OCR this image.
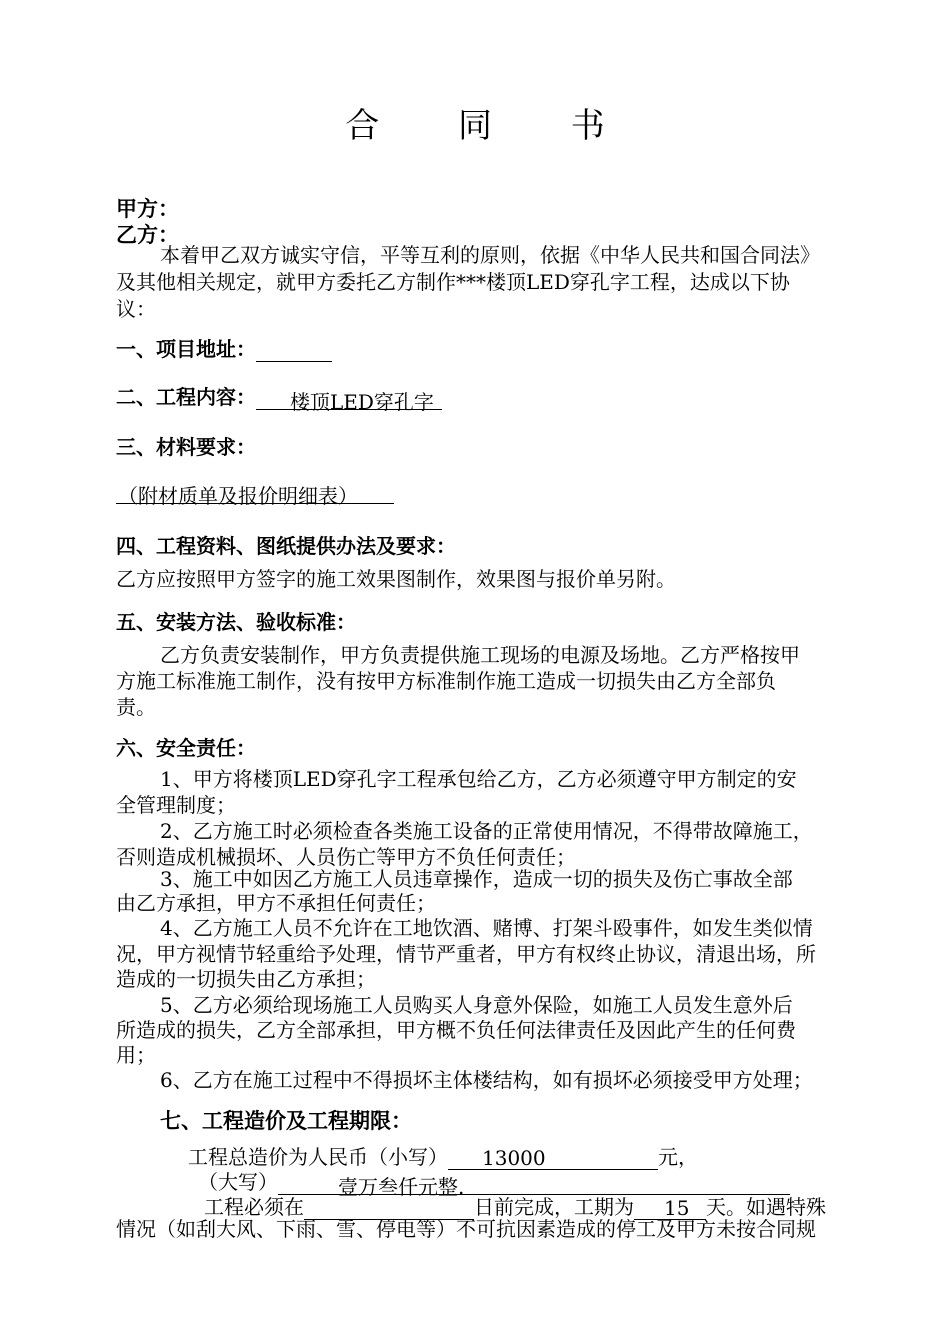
合 同 书
甲方：
乙方：
本着甲乙双方诚实守信，平等互利的原则，依据《中华人民共和国合同法》
及其他相关规定，就甲方委托乙方制作***楼顶LED穿孔字工程，达成以下协
议：
一、项目地址：
二、工程内容： 楼顶LED穿孔字
三、材料要求：
（附材质单及报价明细表）
四、工程资料、图纸提供办法及要求：
乙方应按照甲方签字的施工效果图制作，效果图与报价单另附。
五、安装方法、验收标准：
乙方负责安装制作，甲方负责提供施工现场的电源及场地。乙方严格按甲
方施工标准施工制作，没有按甲方标准制作施工造成一切损失由乙方全部负
责。
六、安全责任：
1、甲方将楼顶LED穿孔字工程承包给乙方，乙方必须遵守甲方制定的安
全管理制度；
2、乙方施工时必须检查各类施工设备的正常使用情况，不得带故障施工，
否则造成机械损坏、人员伤亡等甲方不负任何责任；
3、施工中如因乙方施工人员违章操作，造成一切的损失及伤亡事故全部
由乙方承担，甲方不承担任何责任；
4、乙方施工人员不允许在工地饮酒、赌博、打架斗殴事件，如发生类似情
况，甲方视情节轻重给予处理，情节严重者，甲方有权终止协议，清退出场，所
造成的一切损失由乙方承担；
5、乙方必须给现场施工人员购买人身意外保险，如施工人员发生意外后
所造成的损失，乙方全部承担，甲方概不负任何法律责任及因此产生的任何费
用；
6、乙方在施工过程中不得损坏主体楼结构，如有损坏必须接受甲方处理；
七、工程造价及工程期限：
工程总造价为人民币（小写） 13000	元，
（大写）	壹万叁仟元整.
工程必须在	日前完成，工期为 15 天。如遇特殊
情况（如刮大风、下雨、雪、停电等）不可抗因素造成的停工及甲方未按合同规
